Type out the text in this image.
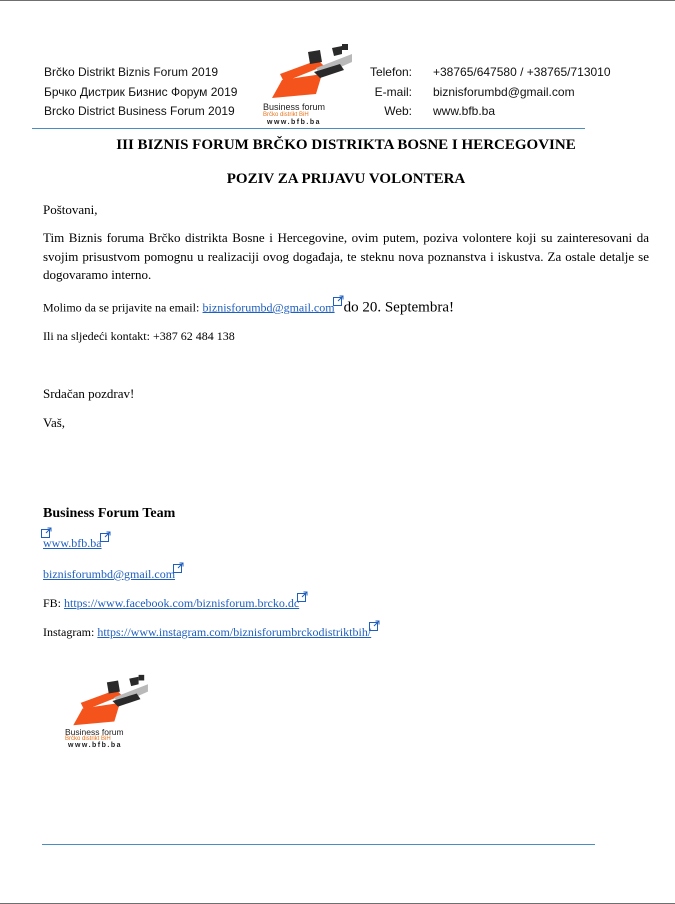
Brčko Distrikt Biznis Forum 2019
Брчко Дистрик Бизнис Форум 2019
Brcko District Business Forum 2019	Business forum
Brčko distrikt BiH
www.bfb.ba
Telefon:
E-mail:
Web:
+38765/647580 / +38765/713010
biznisforumbd@gmail.com
www.bfb.ba
III BIZNIS FORUM BRČKO DISTRIKTA BOSNE I HERCEGOVINE
POZIV ZA PRIJAVU VOLONTERA
Poštovani,
Tim Biznis foruma Brčko distrikta Bosne i Hercegovine, ovim putem, poziva volontere koji su zainteresovani da svojim prisustvom pomognu u realizaciji ovog događaja, te steknu nova poznanstva i iskustva. Za ostale detalje se dogovaramo interno.
Molimo da se prijavite na email: biznisforumbd@gmail.com do 20. Septembra!
Ili na sljedeći kontakt: +387 62 484 138
Srdačan pozdrav!
Vaš,
Business Forum Team
www.bfb.ba
biznisforumbd@gmail.com
FB: https://www.facebook.com/biznisforum.brcko.dc
Instagram: https://www.instagram.com/biznisforumbrckodistriktbih/
Business forum
Brčko distrikt BiH
www.bfb.ba
